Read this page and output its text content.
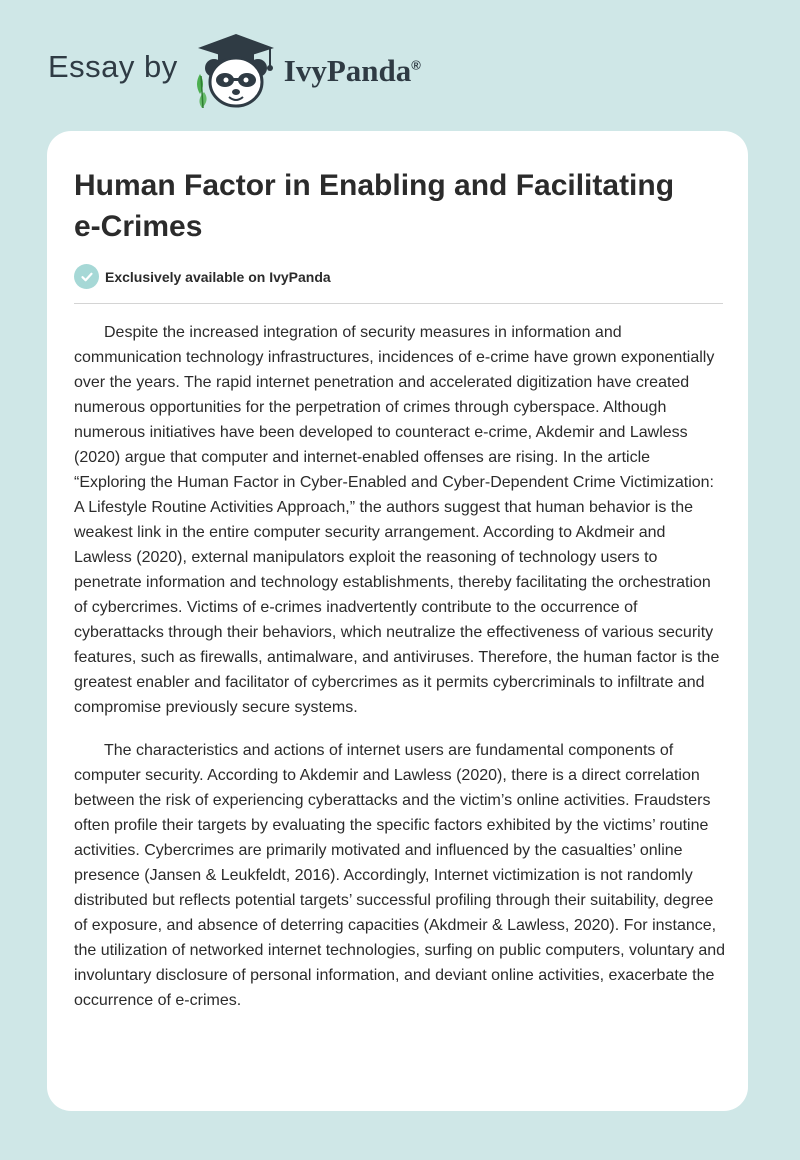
Essay by	IvyPanda®
Human Factor in Enabling and Facilitating e-Crimes
Exclusively available on IvyPanda

Despite the increased integration of security measures in information and communication technology infrastructures, incidences of e-crime have grown exponentially over the years. The rapid internet penetration and accelerated digitization have created numerous opportunities for the perpetration of crimes through cyberspace. Although numerous initiatives have been developed to counteract e-crime, Akdemir and Lawless (2020) argue that computer and internet-enabled offenses are rising. In the article “Exploring the Human Factor in Cyber-Enabled and Cyber-Dependent Crime Victimization: A Lifestyle Routine Activities Approach,” the authors suggest that human behavior is the weakest link in the entire computer security arrangement. According to Akdmeir and Lawless (2020), external manipulators exploit the reasoning of technology users to penetrate information and technology establishments, thereby facilitating the orchestration of cybercrimes. Victims of e-crimes inadvertently contribute to the occurrence of cyberattacks through their behaviors, which neutralize the effectiveness of various security features, such as firewalls, antimalware, and antiviruses. Therefore, the human factor is the greatest enabler and facilitator of cybercrimes as it permits cybercriminals to infiltrate and compromise previously secure systems.

The characteristics and actions of internet users are fundamental components of computer security. According to Akdemir and Lawless (2020), there is a direct correlation between the risk of experiencing cyberattacks and the victim’s online activities. Fraudsters often profile their targets by evaluating the specific factors exhibited by the victims’ routine activities. Cybercrimes are primarily motivated and influenced by the casualties’ online presence (Jansen & Leukfeldt, 2016). Accordingly, Internet victimization is not randomly distributed but reflects potential targets’ successful profiling through their suitability, degree of exposure, and absence of deterring capacities (Akdmeir & Lawless, 2020). For instance, the utilization of networked internet technologies, surfing on public computers, voluntary and involuntary disclosure of personal information, and deviant online activities, exacerbate the occurrence of e-crimes.
